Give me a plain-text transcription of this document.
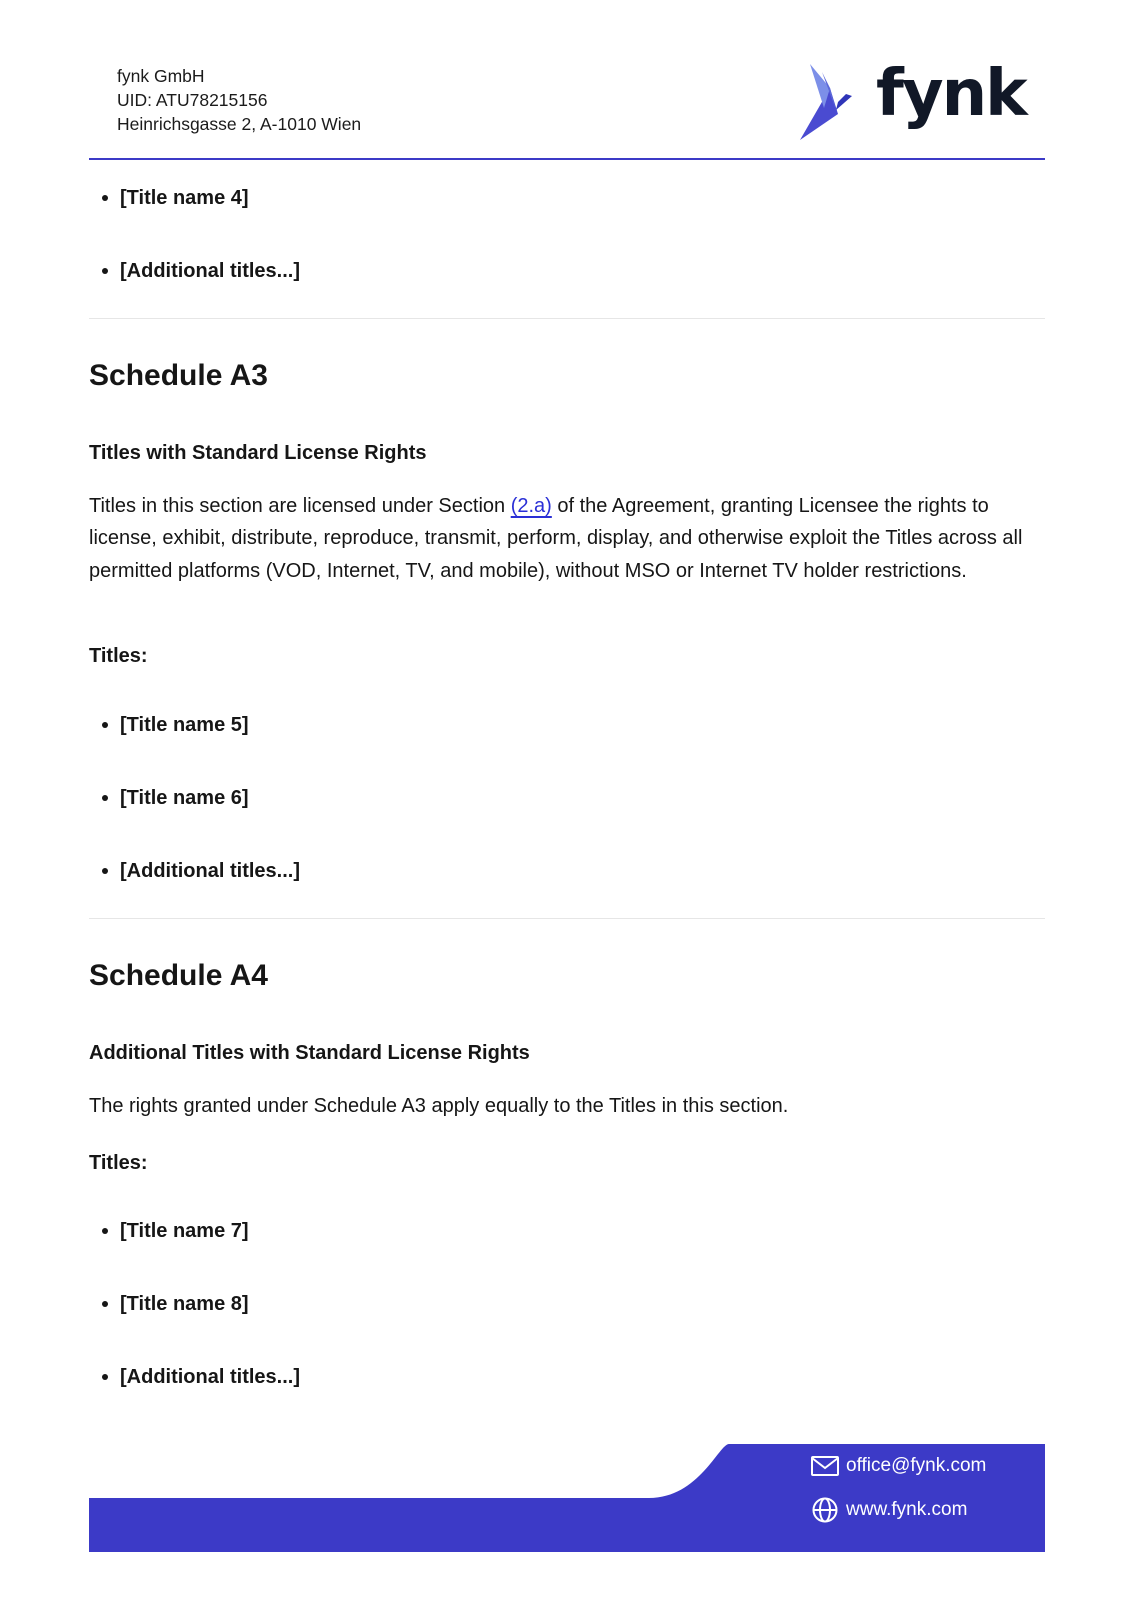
fynk GmbH
UID: ATU78215156
Heinrichsgasse 2, A-1010 Wien	fynk
[Title name 4]
[Additional titles...]
Schedule A3
Titles with Standard License Rights

Titles in this section are licensed under Section (2.a) of the Agreement, granting Licensee the rights to license, exhibit, distribute, reproduce, transmit, perform, display, and otherwise exploit the Titles across all permitted platforms (VOD, Internet, TV, and mobile), without MSO or Internet TV holder restrictions.

Titles:

[Title name 5]
[Title name 6]
[Additional titles...]
Schedule A4
Additional Titles with Standard License Rights

The rights granted under Schedule A3 apply equally to the Titles in this section.

Titles:

[Title name 7]
[Title name 8]
[Additional titles...]
office@fynk.com
www.fynk.com
